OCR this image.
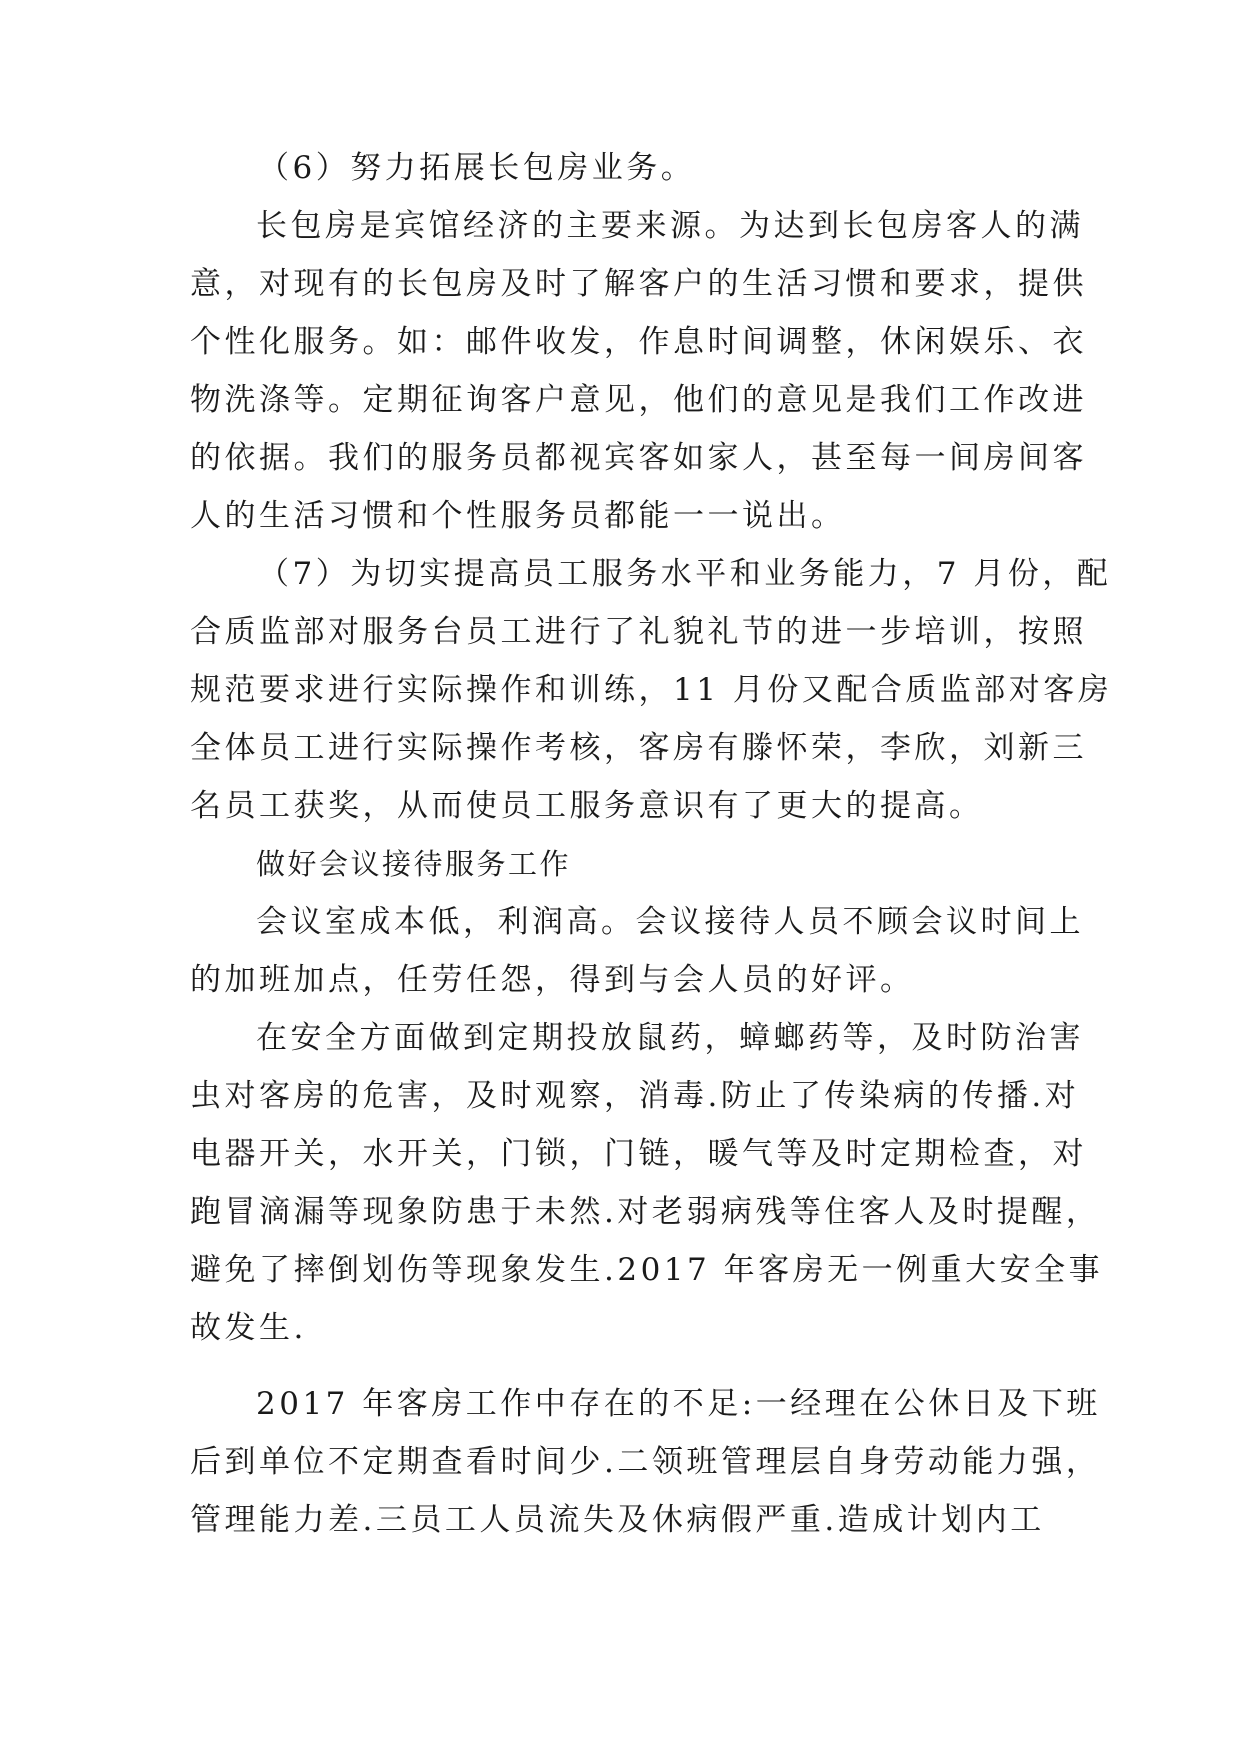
（6）努力拓展长包房业务。
长包房是宾馆经济的主要来源。为达到长包房客人的满
意，对现有的长包房及时了解客户的生活习惯和要求，提供
个性化服务。如：邮件收发，作息时间调整，休闲娱乐、衣
物洗涤等。定期征询客户意见，他们的意见是我们工作改进
的依据。我们的服务员都视宾客如家人，甚至每一间房间客
人的生活习惯和个性服务员都能一一说出。
（7）为切实提高员工服务水平和业务能力，7 月份，配
合质监部对服务台员工进行了礼貌礼节的进一步培训，按照
规范要求进行实际操作和训练，11 月份又配合质监部对客房
全体员工进行实际操作考核，客房有滕怀荣，李欣，刘新三
名员工获奖，从而使员工服务意识有了更大的提高。
做好会议接待服务工作
会议室成本低，利润高。会议接待人员不顾会议时间上
的加班加点，任劳任怨，得到与会人员的好评。
在安全方面做到定期投放鼠药，蟑螂药等，及时防治害
虫对客房的危害，及时观察，消毒.防止了传染病的传播.对
电器开关，水开关，门锁，门链，暖气等及时定期检查，对
跑冒滴漏等现象防患于未然.对老弱病残等住客人及时提醒，
避免了摔倒划伤等现象发生.2017 年客房无一例重大安全事
故发生.
2017 年客房工作中存在的不足:一经理在公休日及下班
后到单位不定期查看时间少.二领班管理层自身劳动能力强，
管理能力差.三员工人员流失及休病假严重.造成计划内工
